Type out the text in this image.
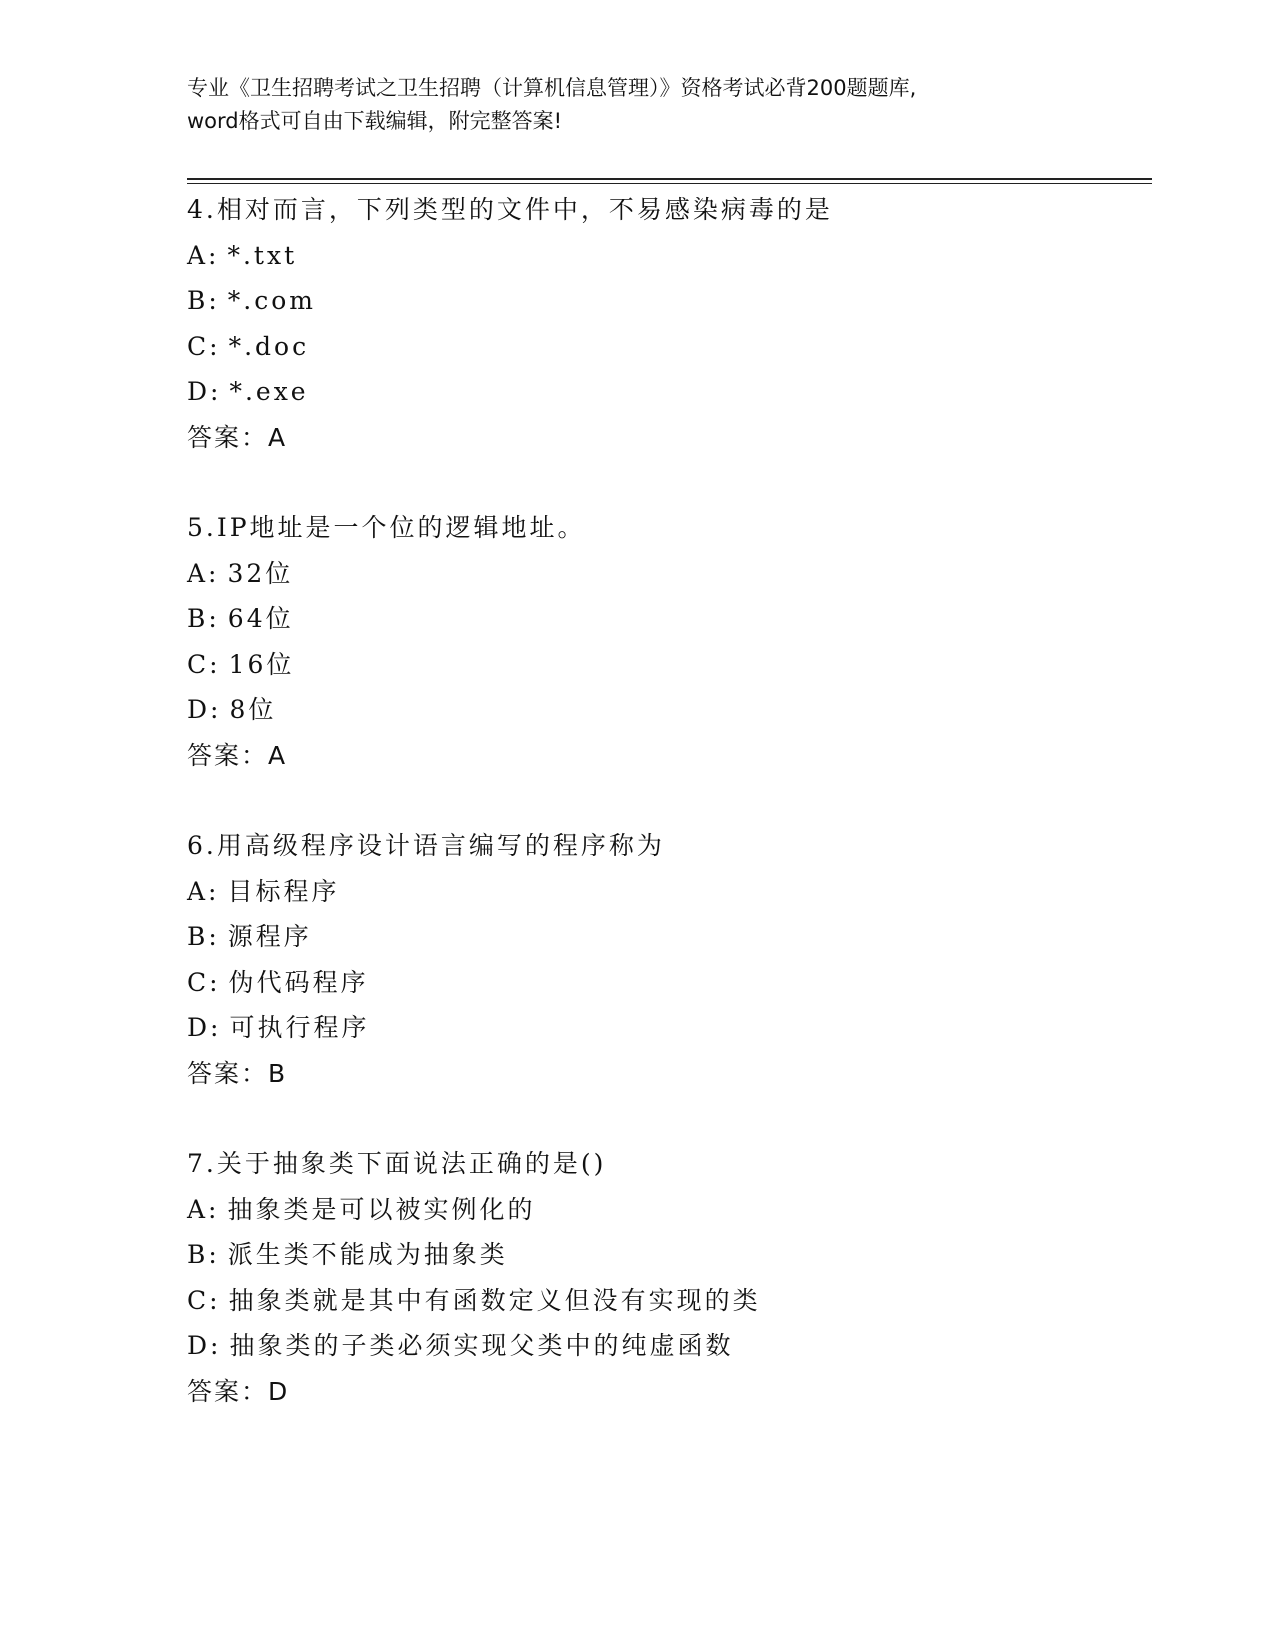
专业《卫生招聘考试之卫生招聘（计算机信息管理）》资格考试必背200题题库,
word格式可自由下载编辑，附完整答案!
4.相对而言，下列类型的文件中，不易感染病毒的是
A: *.txt
B: *.com
C: *.doc
D: *.exe
答案：A
5.IP地址是一个位的逻辑地址。
A: 32位
B: 64位
C: 16位
D: 8位
答案：A
6.用高级程序设计语言编写的程序称为
A: 目标程序
B: 源程序
C: 伪代码程序
D: 可执行程序
答案：B
7.关于抽象类下面说法正确的是()
A: 抽象类是可以被实例化的
B: 派生类不能成为抽象类
C: 抽象类就是其中有函数定义但没有实现的类
D: 抽象类的子类必须实现父类中的纯虚函数
答案：D
